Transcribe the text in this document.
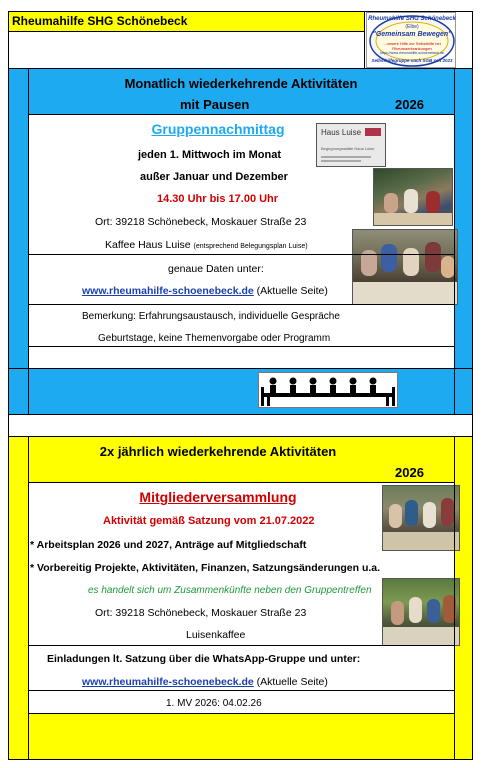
Rheumahilfe SHG Schönebeck	Rheumahilfe SHG Schönebeck
(Elbe)
"Gemeinsam Bewegen"
...unsere Hilfe zur Selbsthilfe bei
Rheumaerkrankungen
https://www.rheumahilfe-schoenebeck.de
Selbsthilfegruppe nach SGB seit 2023
Monatlich wiederkehrende Aktivitäten
mit Pausen	2026
Gruppennachmittag
jeden 1. Mittwoch im Monat
außer Januar und Dezember
14.30 Uhr bis 17.00 Uhr
Ort: 39218 Schönebeck, Moskauer Straße 23
Kaffee Haus Luise (entsprechend Belegungsplan Luise)
genaue Daten unter:
www.rheumahilfe-schoenebeck.de (Aktuelle Seite)
Bemerkung: Erfahrungsaustausch, individuelle Gespräche
Geburtstage, keine Themenvorgabe oder Programm
Haus Luise
Begegnungsstätte Haus Luise
2x jährlich wiederkehrende Aktivitäten
2026
Mitgliederversammlung
Aktivität gemäß Satzung vom 21.07.2022
* Arbeitsplan 2026 und 2027, Anträge auf Mitgliedschaft
* Vorbereitig Projekte, Aktivitäten, Finanzen, Satzungsänderungen u.a.
es handelt sich um Zusammenkünfte neben den Gruppentreffen
Ort: 39218 Schönebeck, Moskauer Straße 23
Luisenkaffee
Einladungen lt. Satzung über die WhatsApp-Gruppe und unter:
www.rheumahilfe-schoenebeck.de (Aktuelle Seite)
1. MV 2026: 04.02.26
